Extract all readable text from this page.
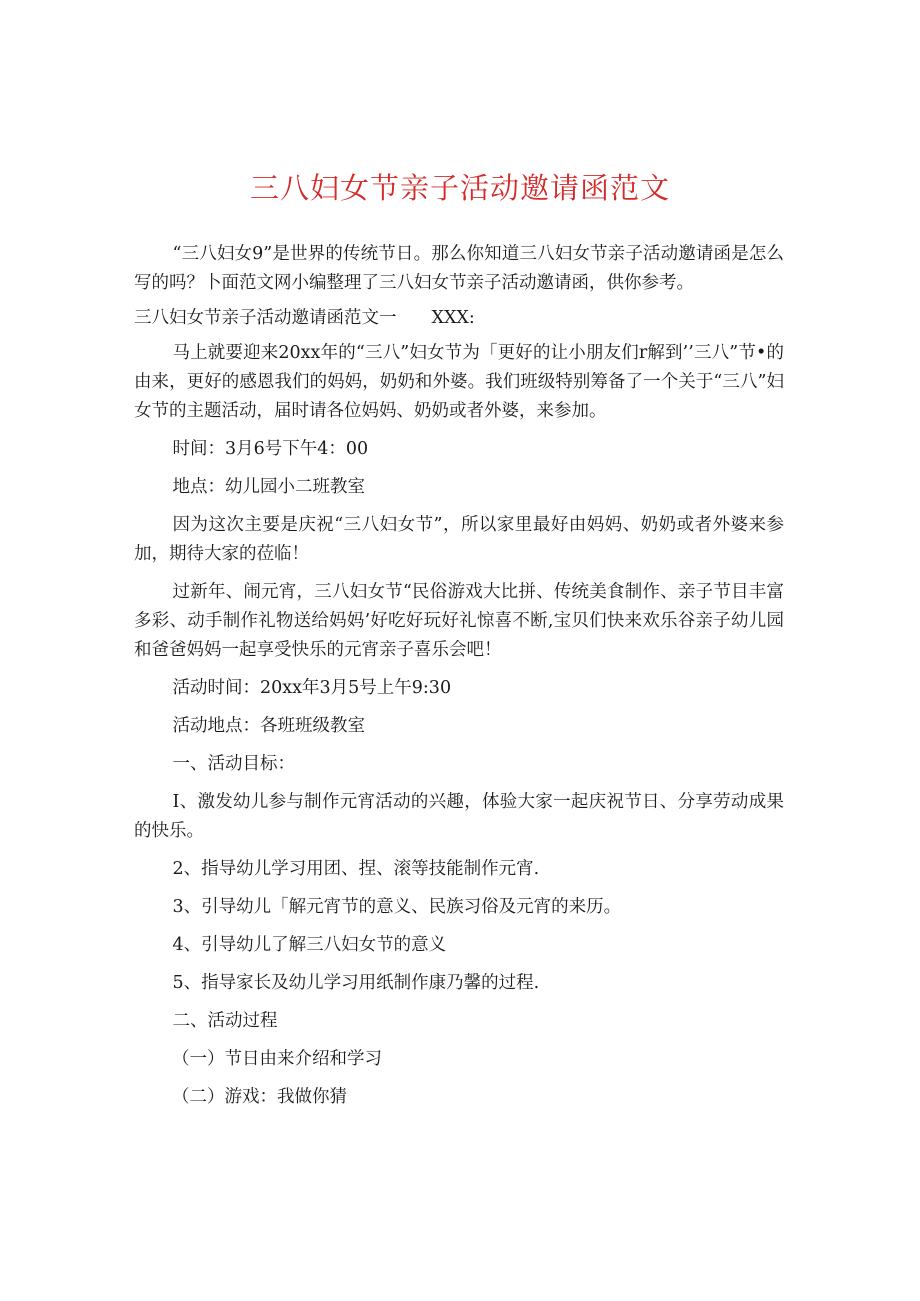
三八妇女节亲子活动邀请函范文

“三八妇女9”是世界的传统节日。那么你知道三八妇女节亲子活动邀请函是怎么写的吗？卜面范文网小编整理了三八妇女节亲子活动邀请函，供你参考。

三八妇女节亲子活动邀请函范文一　　XXX:

马上就要迎来20xx年的“三八”妇女节为「更好的让小朋友们r解到’’三八”节•的由来，更好的感恩我们的妈妈，奶奶和外婆。我们班级特别筹备了一个关于“三八”妇女节的主题活动，届时请各位妈妈、奶奶或者外婆，来参加。

时间：3月6号下午4：00

地点：幼儿园小二班教室

因为这次主要是庆祝“三八妇女节”，所以家里最好由妈妈、奶奶或者外婆来参加，期待大家的莅临！

过新年、闹元宵，三八妇女节“民俗游戏大比拼、传统美食制作、亲子节目丰富多彩、动手制作礼物送给妈妈’好吃好玩好礼惊喜不断,宝贝们快来欢乐谷亲子幼儿园和爸爸妈妈一起享受快乐的元宵亲子喜乐会吧！

活动时间：20xx年3月5号上午9:30

活动地点：各班班级教室

一、活动目标：

I、激发幼儿参与制作元宵活动的兴趣，体验大家一起庆祝节日、分享劳动成果的快乐。

2、指导幼儿学习用团、捏、滚等技能制作元宵.

3、引导幼儿「解元宵节的意义、民族习俗及元宵的来历。

4、引导幼儿了解三八妇女节的意义

5、指导家长及幼儿学习用纸制作康乃馨的过程.

二、活动过程

（一）节日由来介绍和学习

（二）游戏：我做你猜
